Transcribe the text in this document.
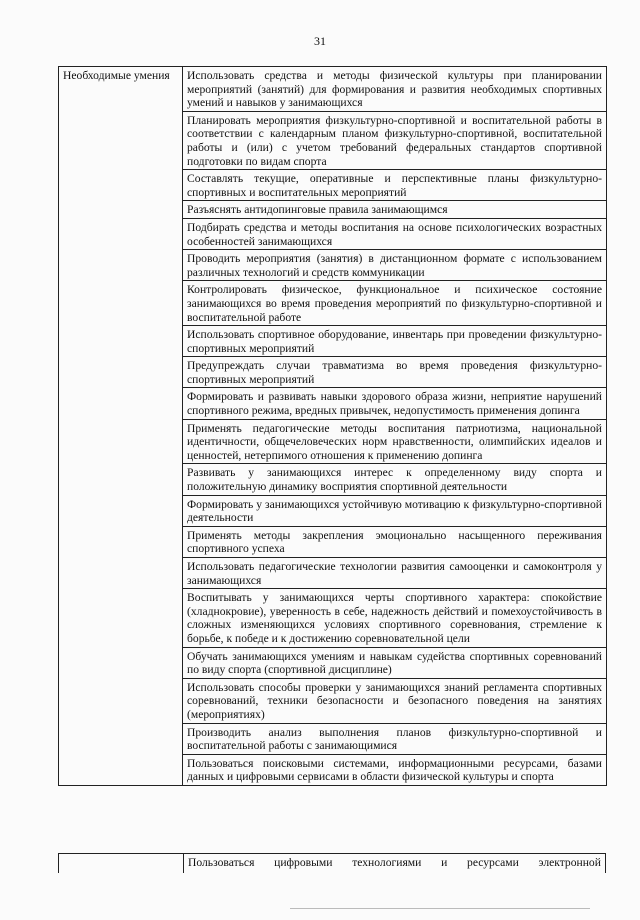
31
Необходимые умения	Использовать средства и методы физической культуры при планировании мероприятий (занятий) для формирования и развития необходимых спортивных умений и навыков у занимающихся
Планировать мероприятия физкультурно-спортивной и воспитательной работы в соответствии с календарным планом физкультурно-спортивной, воспитательной работы и (или) с учетом требований федеральных стандартов спортивной подготовки по видам спорта
Составлять текущие, оперативные и перспективные планы физкультурно-спортивных и воспитательных мероприятий
Разъяснять антидопинговые правила занимающимся
Подбирать средства и методы воспитания на основе психологических возрастных особенностей занимающихся
Проводить мероприятия (занятия) в дистанционном формате с использованием различных технологий и средств коммуникации
Контролировать физическое, функциональное и психическое состояние занимающихся во время проведения мероприятий по физкультурно-спортивной и воспитательной работе
Использовать спортивное оборудование, инвентарь при проведении физкультурно-спортивных мероприятий
Предупреждать случаи травматизма во время проведения физкультурно-спортивных мероприятий
Формировать и развивать навыки здорового образа жизни, неприятие нарушений спортивного режима, вредных привычек, недопустимость применения допинга
Применять педагогические методы воспитания патриотизма, национальной идентичности, общечеловеческих норм нравственности, олимпийских идеалов и ценностей, нетерпимого отношения к применению допинга
Развивать у занимающихся интерес к определенному виду спорта и положительную динамику восприятия спортивной деятельности
Формировать у занимающихся устойчивую мотивацию к физкультурно-спортивной деятельности
Применять методы закрепления эмоционально насыщенного переживания спортивного успеха
Использовать педагогические технологии развития самооценки и самоконтроля у занимающихся
Воспитывать у занимающихся черты спортивного характера: спокойствие (хладнокровие), уверенность в себе, надежность действий и помехоустойчивость в сложных изменяющихся условиях спортивного соревнования, стремление к борьбе, к победе и к достижению соревновательной цели
Обучать занимающихся умениям и навыкам судейства спортивных соревнований по виду спорта (спортивной дисциплине)
Использовать способы проверки у занимающихся знаний регламента спортивных соревнований, техники безопасности и безопасного поведения на занятиях (мероприятиях)
Производить анализ выполнения планов физкультурно-спортивной и воспитательной работы с занимающимися
Пользоваться поисковыми системами, информационными ресурсами, базами данных и цифровыми сервисами в области физической культуры и спорта
Пользоваться цифровыми технологиями и ресурсами электронной
